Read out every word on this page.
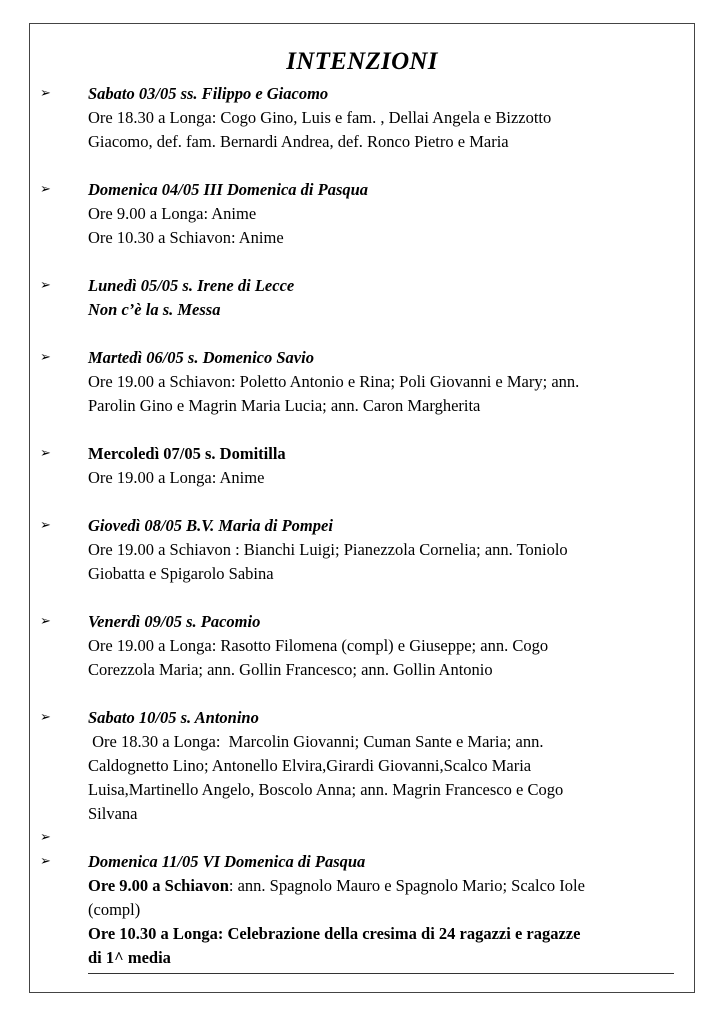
INTENZIONI
➢ Sabato 03/05 ss. Filippo e Giacomo
Ore 18.30 a Longa: Cogo Gino, Luis e fam. , Dellai Angela e Bizzotto
Giacomo, def. fam. Bernardi Andrea, def. Ronco Pietro e Maria
➢ Domenica 04/05 III Domenica di Pasqua
Ore 9.00 a Longa: Anime
Ore 10.30 a Schiavon: Anime
➢ Lunedì 05/05 s. Irene di Lecce
Non c’è la s. Messa
➢ Martedì 06/05 s. Domenico Savio
Ore 19.00 a Schiavon: Poletto Antonio e Rina; Poli Giovanni e Mary; ann.
Parolin Gino e Magrin Maria Lucia; ann. Caron Margherita
➢ Mercoledì 07/05 s. Domitilla
Ore 19.00 a Longa: Anime
➢ Giovedì 08/05 B.V. Maria di Pompei
Ore 19.00 a Schiavon : Bianchi Luigi; Pianezzola Cornelia; ann. Toniolo
Giobatta e Spigarolo Sabina
➢ Venerdì 09/05 s. Pacomio
Ore 19.00 a Longa: Rasotto Filomena (compl) e Giuseppe; ann. Cogo
Corezzola Maria; ann. Gollin Francesco; ann. Gollin Antonio
➢ Sabato 10/05 s. Antonino
Ore 18.30 a Longa:  Marcolin Giovanni; Cuman Sante e Maria; ann.
Caldognetto Lino; Antonello Elvira,Girardi Giovanni,Scalco Maria
Luisa,Martinello Angelo, Boscolo Anna; ann. Magrin Francesco e Cogo
Silvana
➢
➢ Domenica 11/05 VI Domenica di Pasqua
Ore 9.00 a Schiavon: ann. Spagnolo Mauro e Spagnolo Mario; Scalco Iole
(compl)
Ore 10.30 a Longa: Celebrazione della cresima di 24 ragazzi e ragazze
di 1^ media
